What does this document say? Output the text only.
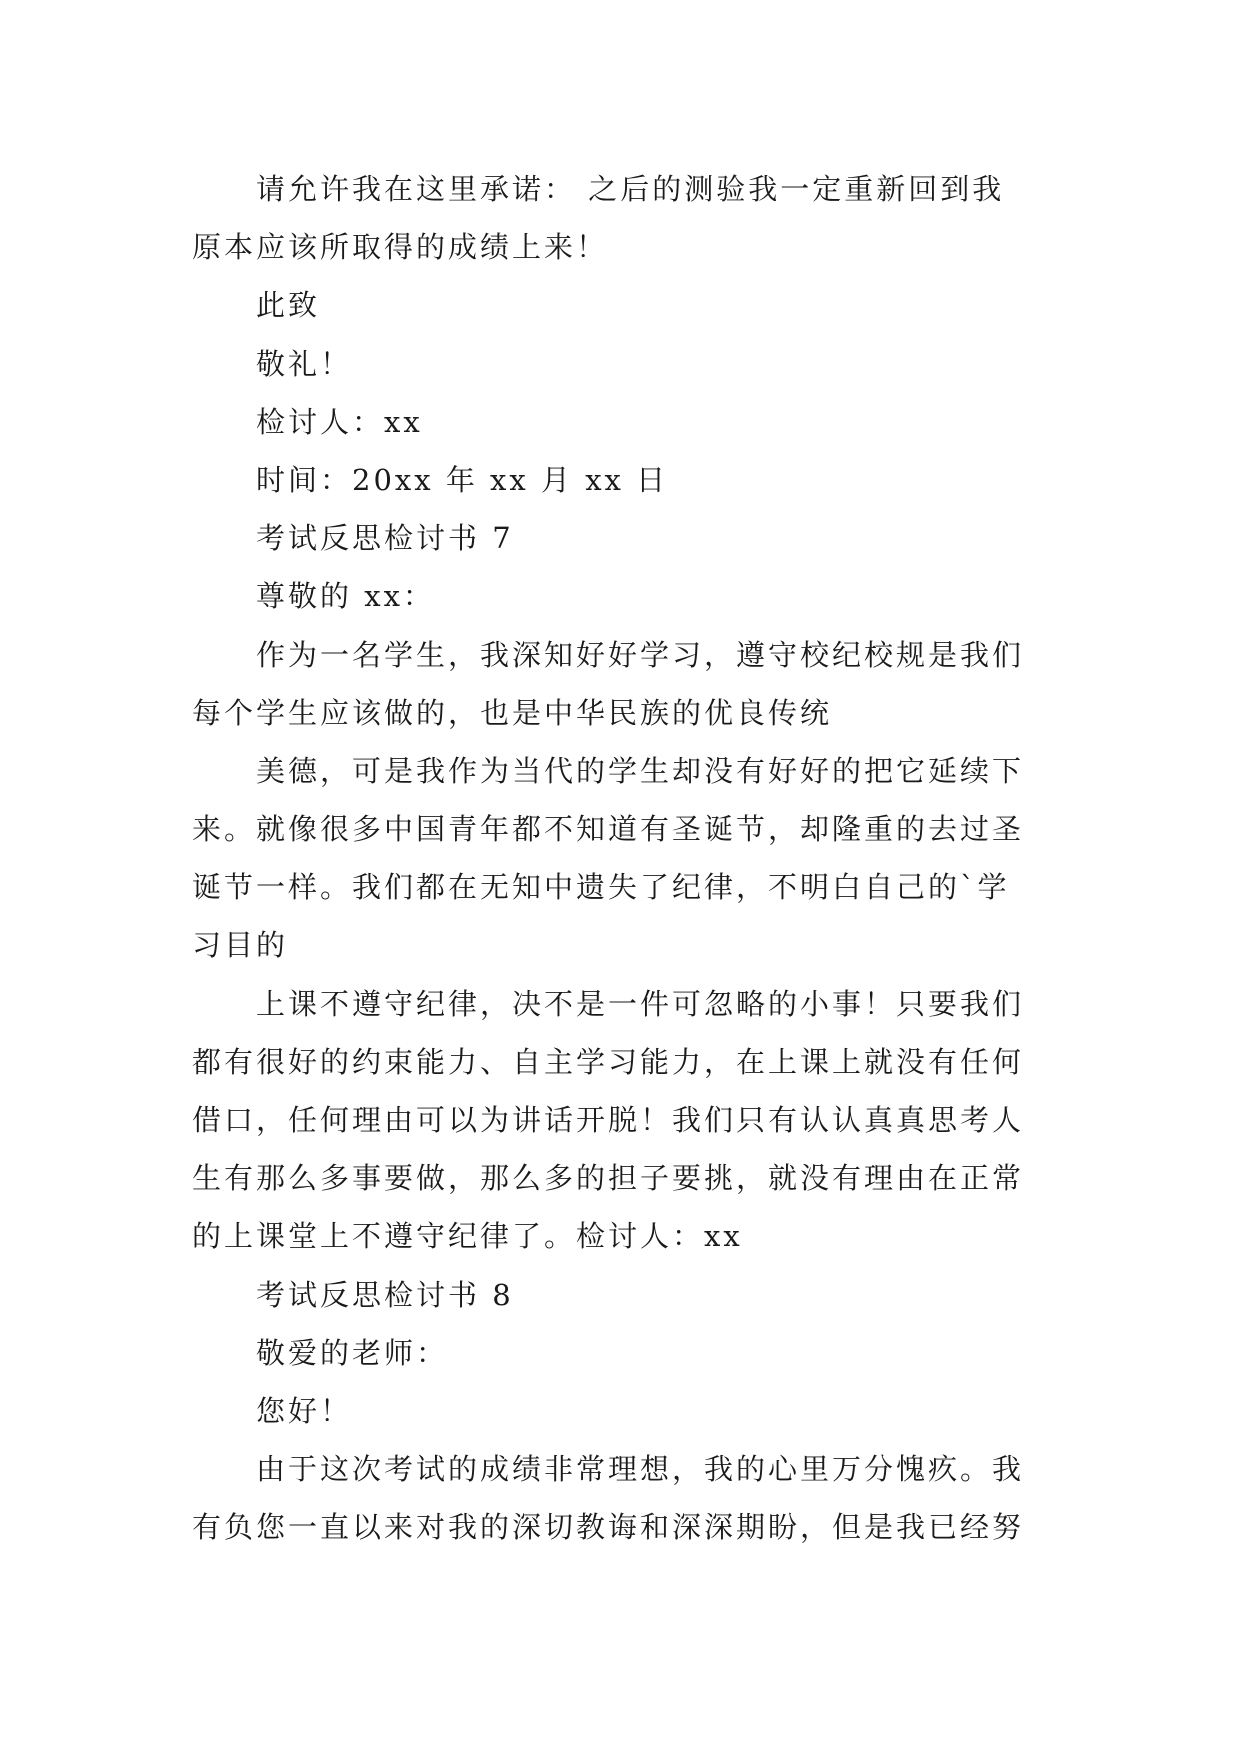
请允许我在这里承诺： 之后的测验我一定重新回到我
原本应该所取得的成绩上来！
此致
敬礼！
检讨人：xx
时间：20xx 年 xx 月 xx 日
考试反思检讨书 7
尊敬的 xx：
作为一名学生，我深知好好学习，遵守校纪校规是我们
每个学生应该做的，也是中华民族的优良传统
美德，可是我作为当代的学生却没有好好的把它延续下
来。就像很多中国青年都不知道有圣诞节，却隆重的去过圣
诞节一样。我们都在无知中遗失了纪律，不明白自己的`学
习目的
上课不遵守纪律，决不是一件可忽略的小事！只要我们
都有很好的约束能力、自主学习能力，在上课上就没有任何
借口，任何理由可以为讲话开脱！我们只有认认真真思考人
生有那么多事要做，那么多的担子要挑，就没有理由在正常
的上课堂上不遵守纪律了。检讨人：xx
考试反思检讨书 8
敬爱的老师：
您好！
由于这次考试的成绩非常理想，我的心里万分愧疚。我
有负您一直以来对我的深切教诲和深深期盼，但是我已经努
